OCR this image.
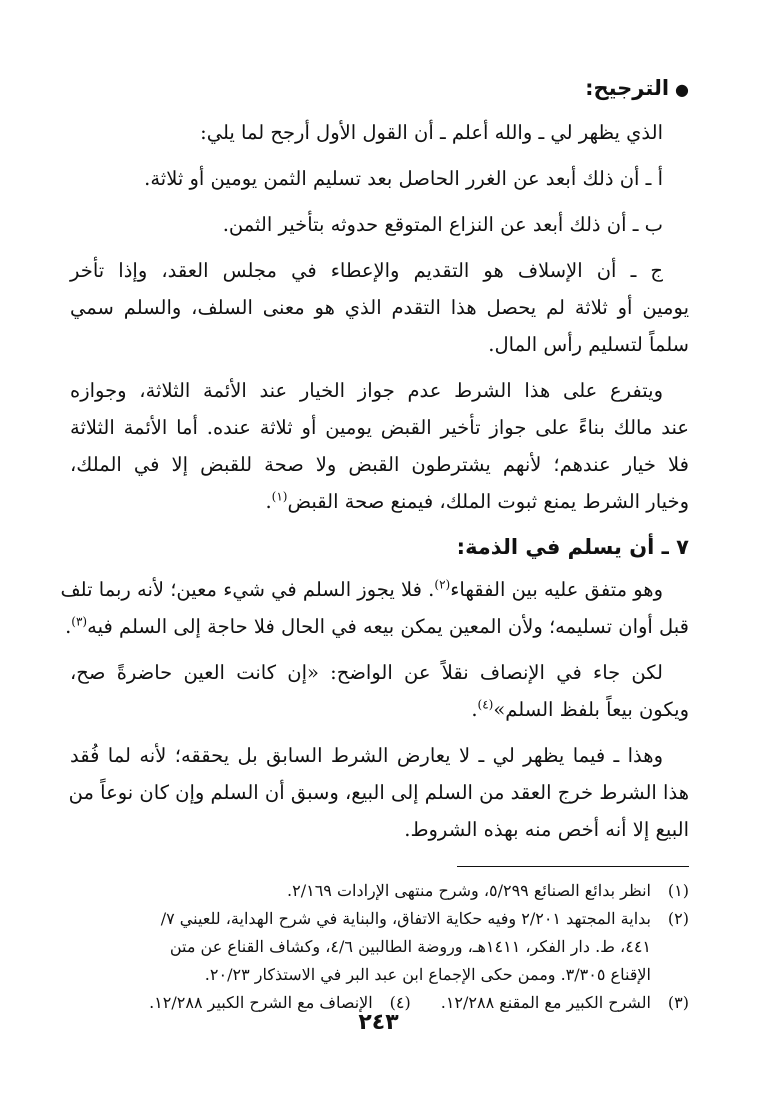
●الترجيح:

الذي يظهر لي ـ والله أعلم ـ أن القول الأول أرجح لما يلي:

أ ـ أن ذلك أبعد عن الغرر الحاصل بعد تسليم الثمن يومين أو ثلاثة.

ب ـ أن ذلك أبعد عن النزاع المتوقع حدوثه بتأخير الثمن.

ج ـ أن الإسلاف هو التقديم والإعطاء في مجلس العقد، وإذا تأخر

يومين أو ثلاثة لم يحصل هذا التقدم الذي هو معنى السلف، والسلم سمي

سلماً لتسليم رأس المال.

ويتفرع على هذا الشرط عدم جواز الخيار عند الأئمة الثلاثة، وجوازه

عند مالك بناءً على جواز تأخير القبض يومين أو ثلاثة عنده. أما الأئمة الثلاثة

فلا خيار عندهم؛ لأنهم يشترطون القبض ولا صحة للقبض إلا في الملك،

وخيار الشرط يمنع ثبوت الملك، فيمنع صحة القبض$^{(١)}$.

٧ ـ أن يسلم في الذمة:

وهو متفق عليه بين الفقهاء$^{(٢)}$. فلا يجوز السلم في شيء معين؛ لأنه ربما تلف

قبل أوان تسليمه؛ ولأن المعين يمكن بيعه في الحال فلا حاجة إلى السلم فيه$^{(٣)}$.

لكن جاء في الإنصاف نقلاً عن الواضح: «إن كانت العين حاضرةً صح،

ويكون بيعاً بلفظ السلم»$^{(٤)}$.

وهذا ـ فيما يظهر لي ـ لا يعارض الشرط السابق بل يحققه؛ لأنه لما فُقد

هذا الشرط خرج العقد من السلم إلى البيع، وسبق أن السلم وإن كان نوعاً من

البيع إلا أنه أخص منه بهذه الشروط.

(١)انظر بدائع الصنائع ٥/٢٩٩، وشرح منتهى الإرادات ٢/١٦٩.

(٢)بداية المجتهد ٢/٢٠١ وفيه حكاية الاتفاق، والبناية في شرح الهداية، للعيني ٧/

٤٤١، ط. دار الفكر، ١٤١١هـ، وروضة الطالبين ٤/٦، وكشاف القناع عن متن

الإقناع ٣/٣٠٥. وممن حكى الإجماع ابن عبد البر في الاستذكار ٢٠/٢٣.

(٣)الشرح الكبير مع المقنع ١٢/٢٨٨.(٤)الإنصاف مع الشرح الكبير ١٢/٢٨٨.

٢٤٣
